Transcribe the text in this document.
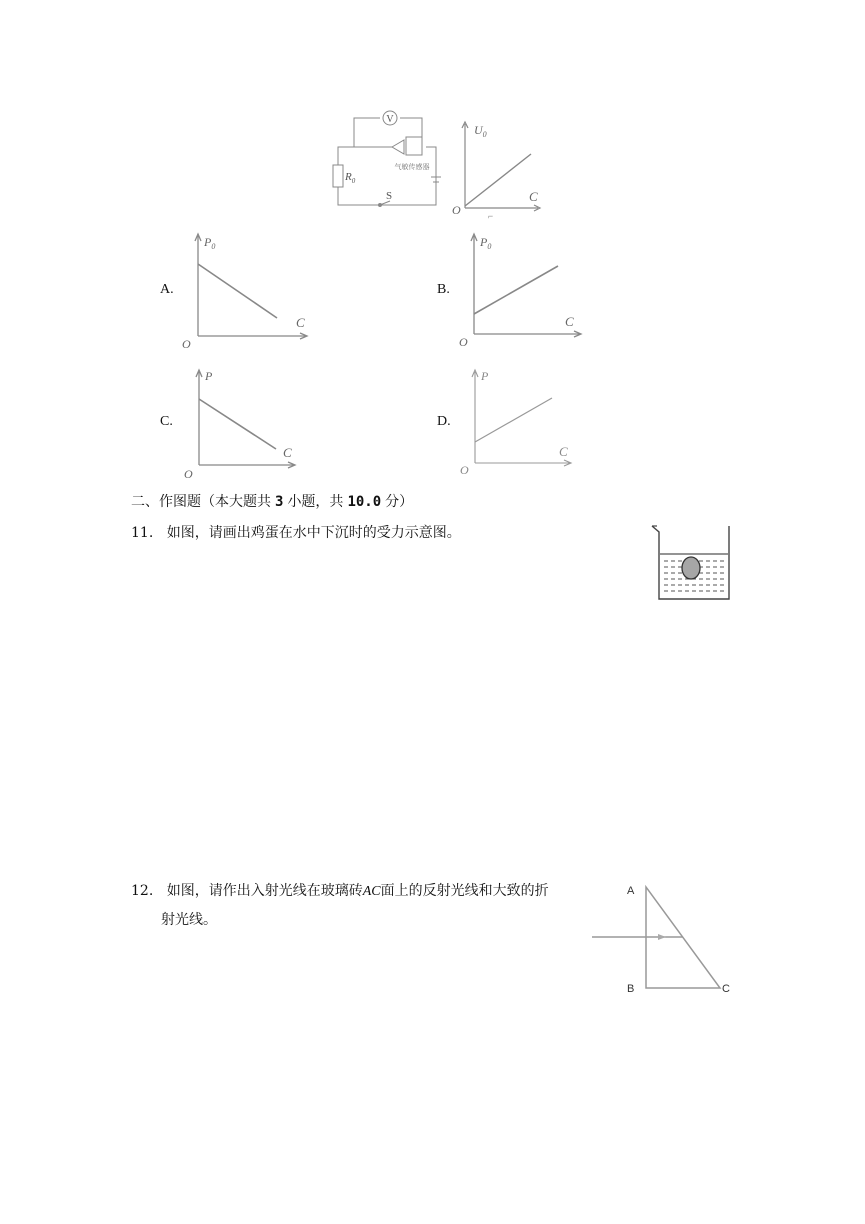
V
$R_0$
气敏传感器
S
$U_0$
C
O	⌐
A.
$P_0$
C
O
B.
$P_0$
C
O
C.
P
C
O
D.
P
C
O
二、作图题（本大题共 3 小题，共 10.0 分）
11. 如图，请画出鸡蛋在水中下沉时的受力示意图。
12. 如图，请作出入射光线在玻璃砖AC面上的反射光线和大致的折
射光线。
A
B	C
